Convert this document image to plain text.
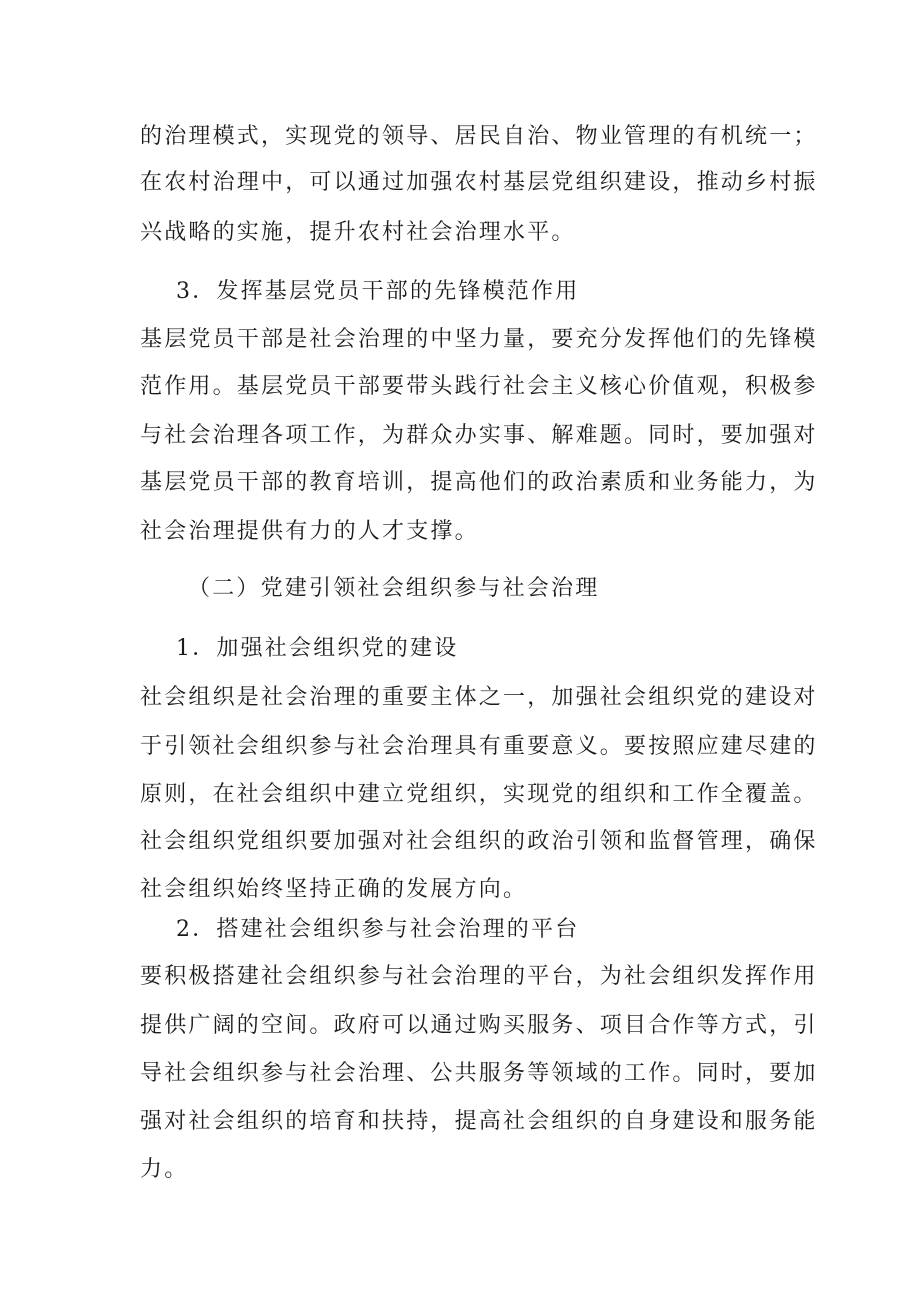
的治理模式，实现党的领导、居民自治、物业管理的有机统一；
在农村治理中，可以通过加强农村基层党组织建设，推动乡村振
兴战略的实施，提升农村社会治理水平。
3．发挥基层党员干部的先锋模范作用
基层党员干部是社会治理的中坚力量，要充分发挥他们的先锋模
范作用。基层党员干部要带头践行社会主义核心价值观，积极参
与社会治理各项工作，为群众办实事、解难题。同时，要加强对
基层党员干部的教育培训，提高他们的政治素质和业务能力，为
社会治理提供有力的人才支撑。
（二）党建引领社会组织参与社会治理
1．加强社会组织党的建设
社会组织是社会治理的重要主体之一，加强社会组织党的建设对
于引领社会组织参与社会治理具有重要意义。要按照应建尽建的
原则，在社会组织中建立党组织，实现党的组织和工作全覆盖。
社会组织党组织要加强对社会组织的政治引领和监督管理，确保
社会组织始终坚持正确的发展方向。
2．搭建社会组织参与社会治理的平台
要积极搭建社会组织参与社会治理的平台，为社会组织发挥作用
提供广阔的空间。政府可以通过购买服务、项目合作等方式，引
导社会组织参与社会治理、公共服务等领域的工作。同时，要加
强对社会组织的培育和扶持，提高社会组织的自身建设和服务能
力。
